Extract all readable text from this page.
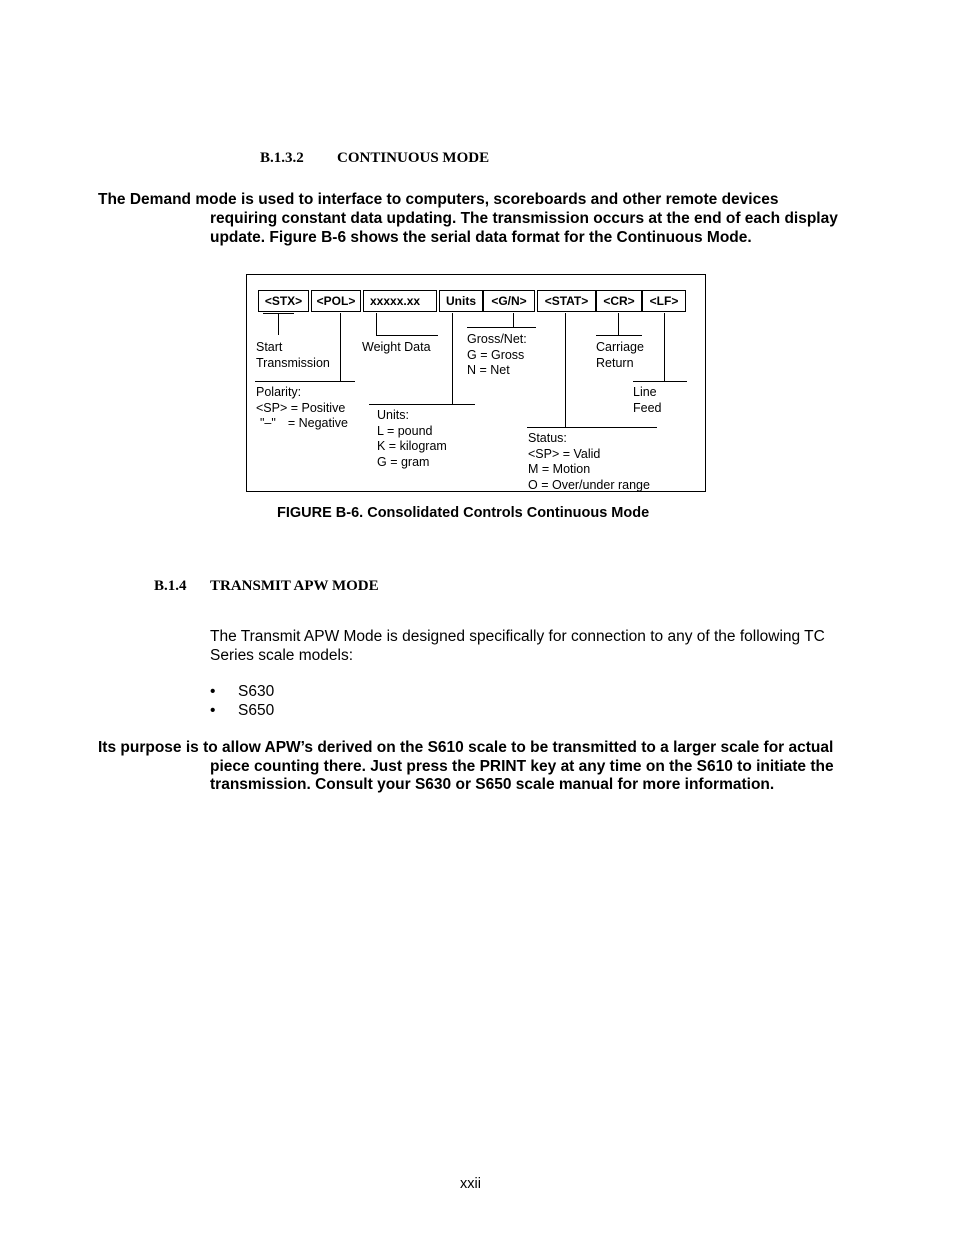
B.1.3.2 CONTINUOUS MODE
The Demand mode is used to interface to computers, scoreboards and other remote devices
requiring constant data updating. The transmission occurs at the end of each display
update. Figure B-6 shows the serial data format for the Continuous Mode.
<STX>	<POL>	xxxxx.xx	Units	<G/N>	<STAT>	<CR>	<LF>
Start
Transmission
Weight Data
Gross/Net:
G = Gross
N = Net
Carriage
Return
Polarity:
<SP> = Positive
"–" = Negative
Units:
L = pound
K = kilogram
G = gram
Line
Feed
Status:
<SP> = Valid
M = Motion
O = Over/under range
FIGURE B-6. Consolidated Controls Continuous Mode
B.1.4 TRANSMIT APW MODE
The Transmit APW Mode is designed specifically for connection to any of the following TC
Series scale models:
• S630
• S650
Its purpose is to allow APW’s derived on the S610 scale to be transmitted to a larger scale for actual
piece counting there. Just press the PRINT key at any time on the S610 to initiate the
transmission. Consult your S630 or S650 scale manual for more information.
xxii
